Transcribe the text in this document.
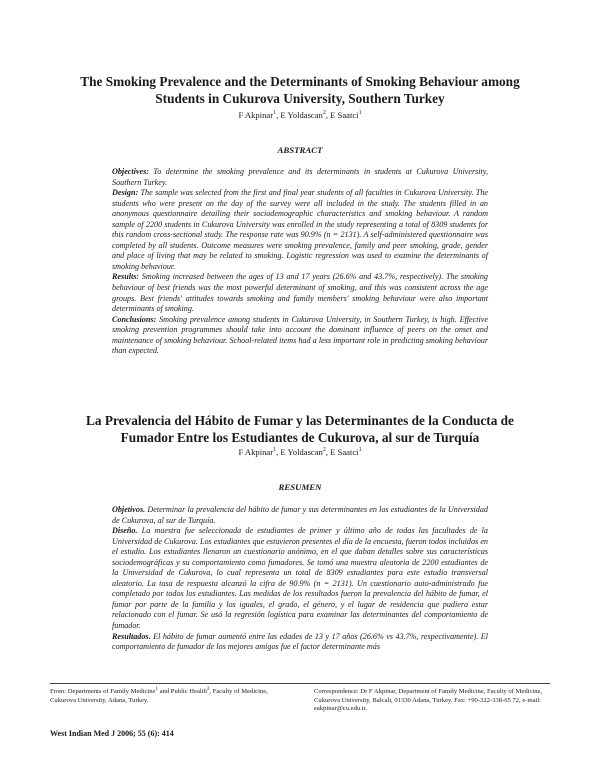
The Smoking Prevalence and the Determinants of Smoking Behaviour among
Students in Cukurova University, Southern Turkey
F Akpinar$^1$, E Yoldascan$^2$, E Saatci$^1$
ABSTRACT

Objectives: To determine the smoking prevalence and its determinants in students at Cukurova University, Southern Turkey.

Design: The sample was selected from the first and final year students of all faculties in Cukurova University. The students who were present on the day of the survey were all included in the study. The students filled in an anonymous questionnaire detailing their sociodemographic characteristics and smoking behaviour. A random sample of 2200 students in Cukurova University was enrolled in the study representing a total of 8309 students for this random cross-sectional study. The response rate was 90.9% (n = 2131). A self-administered questionnaire was completed by all students. Outcome measures were smoking prevalence, family and peer smoking, grade, gender and place of living that may be related to smoking. Logistic regression was used to examine the determinants of smoking behaviour.

Results: Smoking increased between the ages of 13 and 17 years (26.6% and 43.7%, respectively). The smoking behaviour of best friends was the most powerful determinant of smoking, and this was consistent across the age groups. Best friends' attitudes towards smoking and family members' smoking behaviour were also important determinants of smoking.

Conclusions: Smoking prevalence among students in Cukurova University, in Southern Turkey, is high. Effective smoking prevention programmes should take into account the dominant influence of peers on the onset and maintenance of smoking behaviour. School-related items had a less important role in predicting smoking behaviour than expected.

La Prevalencia del Hábito de Fumar y las Determinantes de la Conducta de
Fumador Entre los Estudiantes de Cukurova, al sur de Turquía
F Akpinar$^1$, E Yoldascan$^2$, E Saatci$^1$
RESUMEN

Objetivos. Determinar la prevalencia del hábito de fumar y sus determinantes en los estudiantes de la Universidad de Cukurova, al sur de Turquía.

Diseño. La muestra fue seleccionada de estudiantes de primer y último año de todas las facultades de la Universidad de Cukurova. Los estudiantes que estuvieron presentes el día de la encuesta, fueron todos incluidos en el estudio. Los estudiantes llenaron un cuestionario anónimo, en el que daban detalles sobre sus características sociodemográficas y su comportamiento como fumadores. Se tomó una muestra aleatoria de 2200 estudiantes de la Universidad de Cukurova, lo cual representa un total de 8309 estudiantes para este estudio transversal aleatorio. La tasa de respuesta alcanzó la cifra de 90.9% (n = 2131). Un cuestionario auto-administrado fue completado por todos los estudiantes. Las medidas de los resultados fueron la prevalencia del hábito de fumar, el fumar por parte de la familia y los iguales, el grado, el género, y el lugar de residencia que pudiera estar relacionado con el fumar. Se usó la regresión logística para examinar las determinantes del comportamiento de fumador.

Resultados. El hábito de fumar aumentó entre las edades de 13 y 17 años (26.6% vs 43.7%, respectivamente). El comportamiento de fumador de los mejores amigos fue el factor determinante más

From: Departments of Family Medicine$^1$ and Public Health$^2$, Faculty of Medicine, Cukurova University, Adana, Turkey.
Correspondence: Dr F Akpinar, Department of Family Medicine, Faculty of Medicine, Cukurova University, Balcali, 01330 Adana, Turkey. Fax: +90-322-338-65 72, e-mail: eakpinar@cu.edu.tr.
West Indian Med J 2006; 55 (6): 414
